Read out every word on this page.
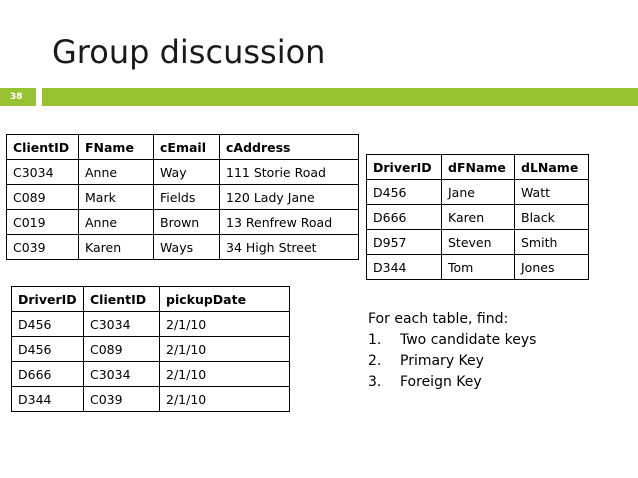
Group discussion
38
ClientID	FName	cEmail	cAddress
C3034	Anne	Way	111 Storie Road
C089	Mark	Fields	120 Lady Jane
C019	Anne	Brown	13 Renfrew Road
C039	Karen	Ways	34 High Street
DriverID	dFName	dLName
D456	Jane	Watt
D666	Karen	Black
D957	Steven	Smith
D344	Tom	Jones
DriverID	ClientID	pickupDate
D456	C3034	2/1/10
D456	C089	2/1/10
D666	C3034	2/1/10
D344	C039	2/1/10
For each table, find:
1. Two candidate keys
2. Primary Key
3. Foreign Key
